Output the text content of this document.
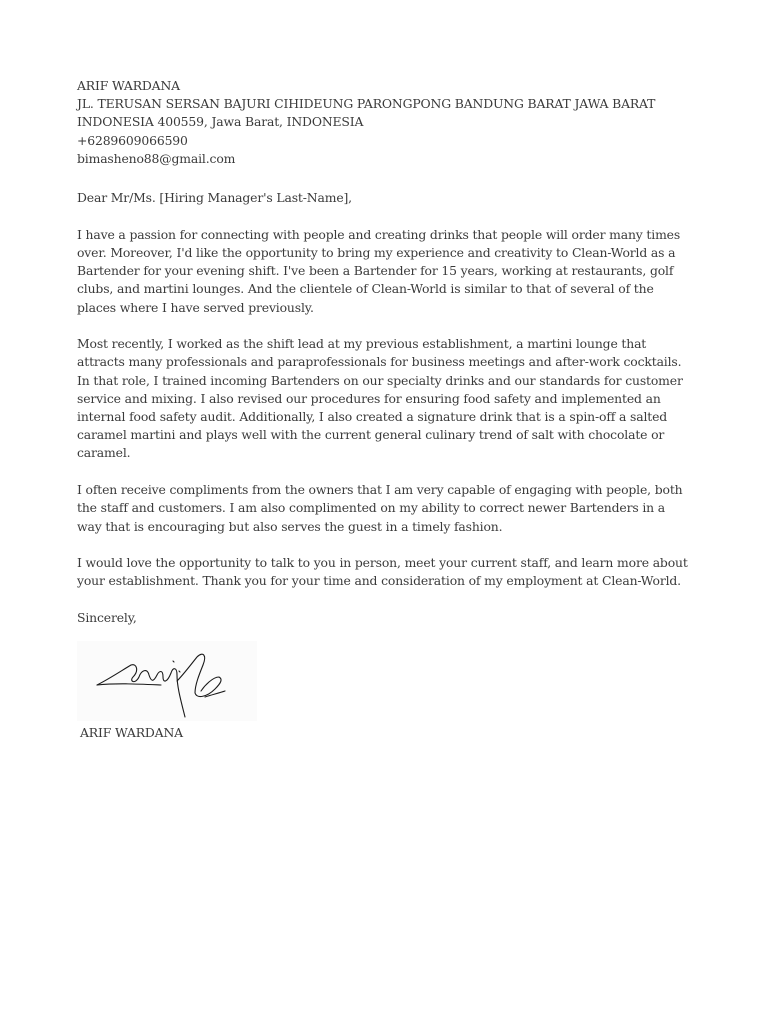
ARIF WARDANA
JL. TERUSAN SERSAN BAJURI CIHIDEUNG PARONGPONG BANDUNG BARAT JAWA BARAT
INDONESIA 400559, Jawa Barat, INDONESIA
+6289609066590
bimasheno88@gmail.com

Dear Mr/Ms. [Hiring Manager's Last-Name],

I have a passion for connecting with people and creating drinks that people will order many times over. Moreover, I'd like the opportunity to bring my experience and creativity to Clean-World as a Bartender for your evening shift. I've been a Bartender for 15 years, working at restaurants, golf clubs, and martini lounges. And the clientele of Clean-World is similar to that of several of the places where I have served previously.

Most recently, I worked as the shift lead at my previous establishment, a martini lounge that attracts many professionals and paraprofessionals for business meetings and after-work cocktails. In that role, I trained incoming Bartenders on our specialty drinks and our standards for customer service and mixing. I also revised our procedures for ensuring food safety and implemented an internal food safety audit. Additionally, I also created a signature drink that is a spin-off a salted caramel martini and plays well with the current general culinary trend of salt with chocolate or caramel.

I often receive compliments from the owners that I am very capable of engaging with people, both the staff and customers. I am also complimented on my ability to correct newer Bartenders in a way that is encouraging but also serves the guest in a timely fashion.

I would love the opportunity to talk to you in person, meet your current staff, and learn more about your establishment. Thank you for your time and consideration of my employment at Clean-World.

Sincerely,

ARIF WARDANA
